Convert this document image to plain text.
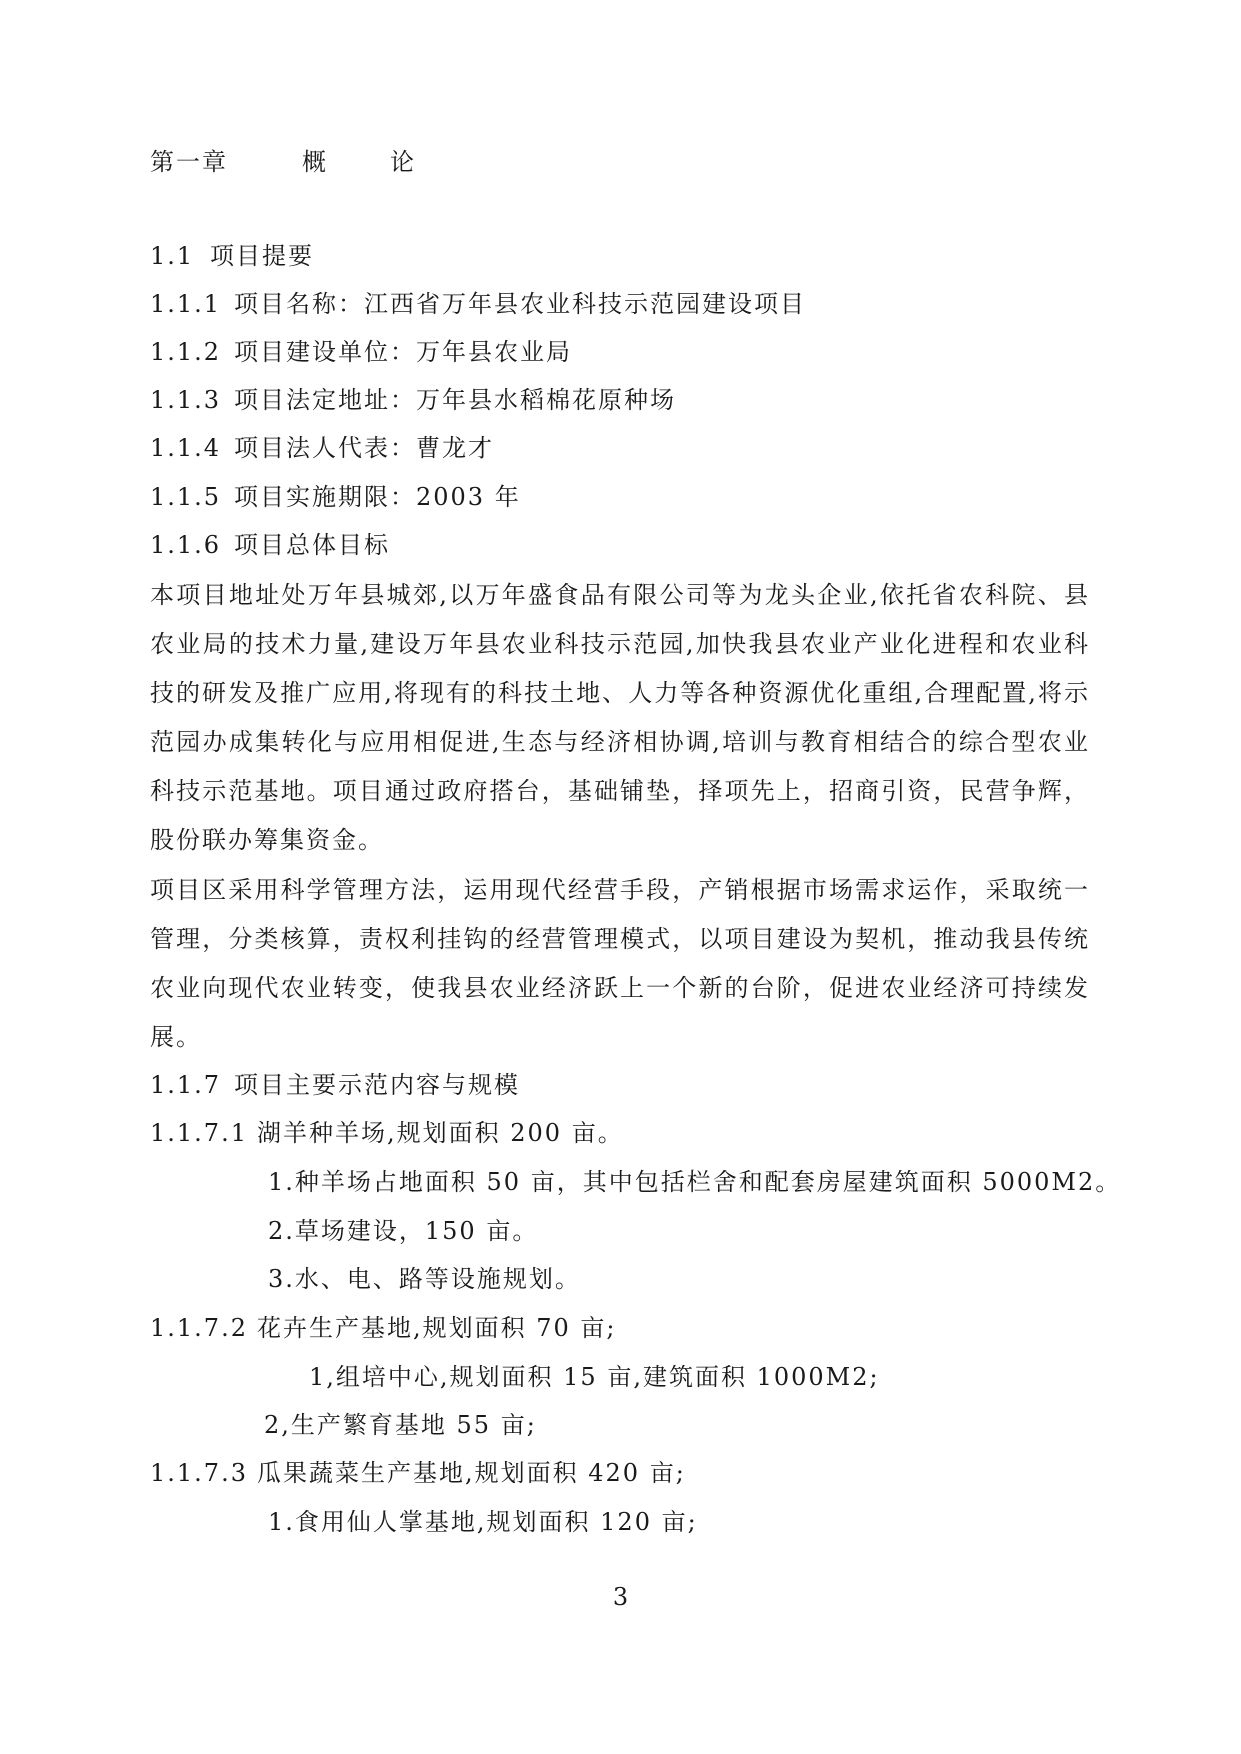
第一章	概	论
1.1 项目提要
1.1.1 项目名称：江西省万年县农业科技示范园建设项目
1.1.2 项目建设单位：万年县农业局
1.1.3 项目法定地址：万年县水稻棉花原种场
1.1.4 项目法人代表：曹龙才
1.1.5 项目实施期限：2003 年
1.1.6 项目总体目标

本项目地址处万年县城郊,以万年盛食品有限公司等为龙头企业,依托省农科院、县农业局的技术力量,建设万年县农业科技示范园,加快我县农业产业化进程和农业科技的研发及推广应用,将现有的科技土地、人力等各种资源优化重组,合理配置,将示范园办成集转化与应用相促进,生态与经济相协调,培训与教育相结合的综合型农业科技示范基地。项目通过政府搭台，基础铺垫，择项先上，招商引资，民营争辉，股份联办筹集资金。

项目区采用科学管理方法，运用现代经营手段，产销根据市场需求运作，采取统一管理，分类核算，责权利挂钩的经营管理模式，以项目建设为契机，推动我县传统农业向现代农业转变，使我县农业经济跃上一个新的台阶，促进农业经济可持续发展。

1.1.7 项目主要示范内容与规模
1.1.7.1 湖羊种羊场,规划面积 200 亩。
1.种羊场占地面积 50 亩，其中包括栏舍和配套房屋建筑面积 5000M2。
2.草场建设，150 亩。
3.水、电、路等设施规划。
1.1.7.2 花卉生产基地,规划面积 70 亩;
1,组培中心,规划面积 15 亩,建筑面积 1000M2;
2,生产繁育基地 55 亩;
1.1.7.3 瓜果蔬菜生产基地,规划面积 420 亩;
1.食用仙人掌基地,规划面积 120 亩;
3
